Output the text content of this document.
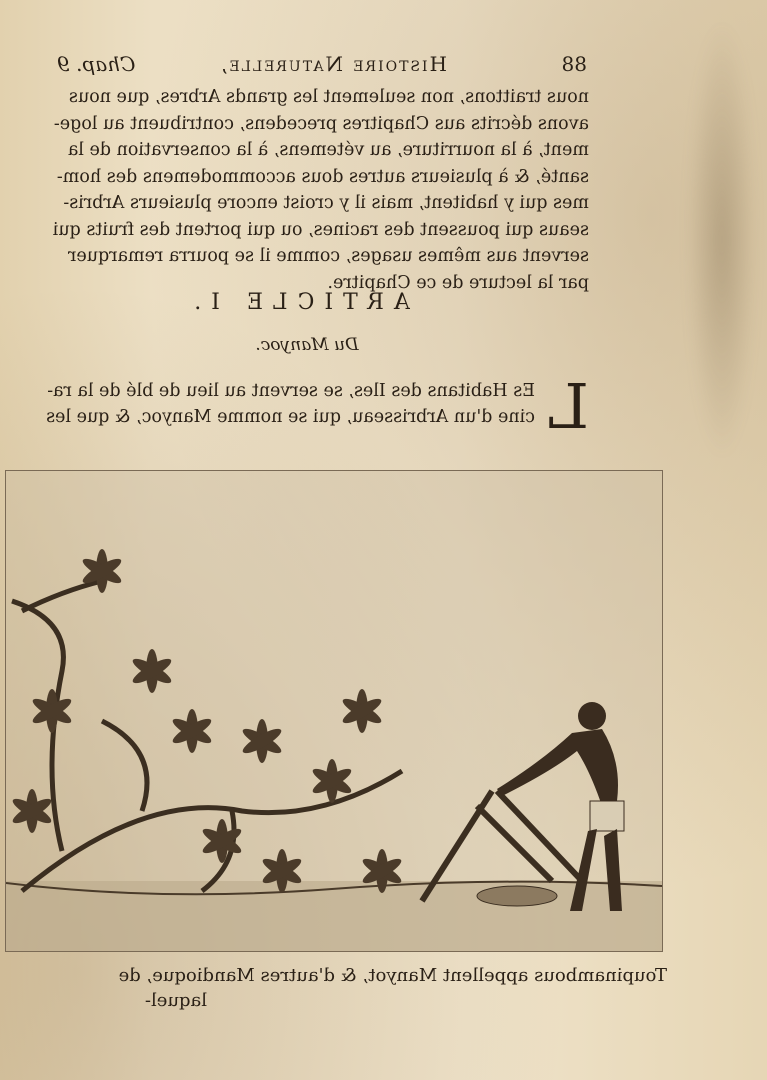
88
Histoire Naturelle,
Chap. 9
nous traittons, non seulement les grands Arbres, que nous
avons décrits aus Chapitres precedens, contribuent au loge-
ment, à la nourriture, au vétemens, à la conservation de la
santé, & à plusieurs autres dous accommodemens des hom-
mes qui y habitent, mais il y croist encore plusieurs Arbris-
seaus qui poussent des racines, ou qui portent des fruits qui
servent aus mêmes usages, comme il se pourra remarquer
par la lecture de ce Chapitre.
ARTICLE I.
Du Manyoc.
L
Es Habitans des Iles, se servent au lieu de blé de la ra-
cine d'un Arbrisseau, qui se nomme Manyoc, & que les
Toupinambous appellent Manyot, & d'autres Mandioque, de
laquel-
